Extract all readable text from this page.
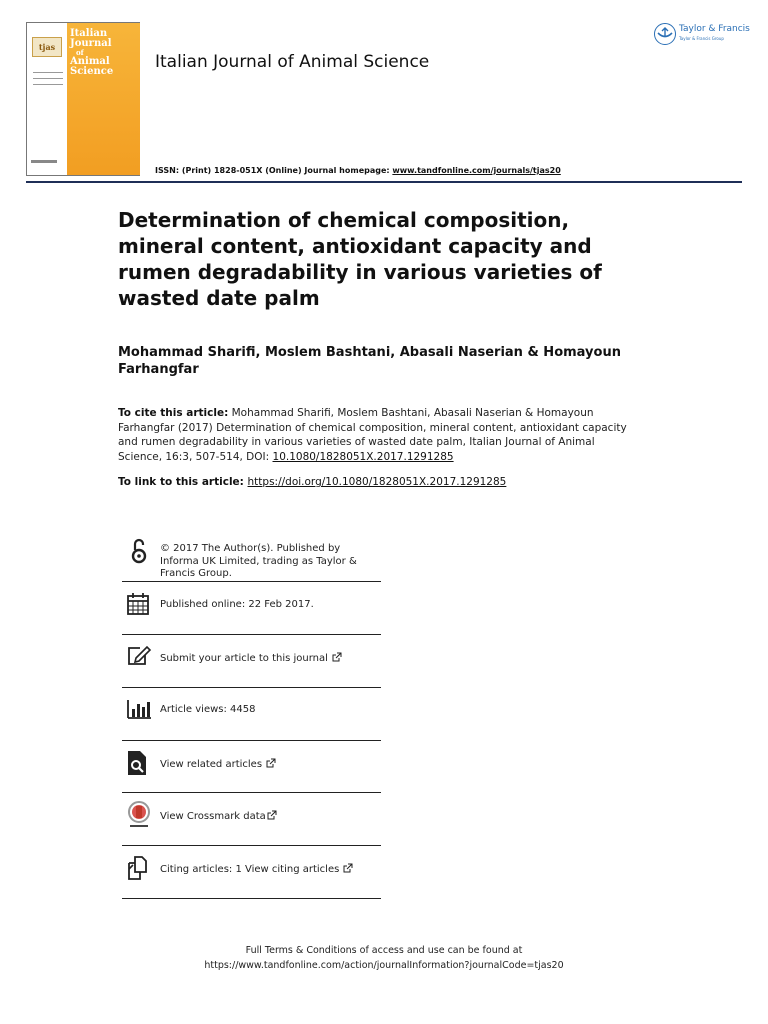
tjas
Italian
Journal
of
Animal
Science Italian Journal of Animal Science
Taylor & Francis
Taylor & Francis Group
ISSN: (Print) 1828-051X (Online) Journal homepage: www.tandfonline.com/journals/tjas20
Determination of chemical composition, mineral content, antioxidant capacity and rumen degradability in various varieties of wasted date palm
Mohammad Sharifi, Moslem Bashtani, Abasali Naserian & Homayoun Farhangfar
To cite this article: Mohammad Sharifi, Moslem Bashtani, Abasali Naserian & Homayoun Farhangfar (2017) Determination of chemical composition, mineral content, antioxidant capacity and rumen degradability in various varieties of wasted date palm, Italian Journal of Animal Science, 16:3, 507-514, DOI: 10.1080/1828051X.2017.1291285
To link to this article: https://doi.org/10.1080/1828051X.2017.1291285
© 2017 The Author(s). Published by Informa UK Limited, trading as Taylor & Francis Group.
Published online: 22 Feb 2017.
Submit your article to this journal
Article views: 4458
View related articles
View Crossmark data
Citing articles: 1 View citing articles
Full Terms & Conditions of access and use can be found at
https://www.tandfonline.com/action/journalInformation?journalCode=tjas20
